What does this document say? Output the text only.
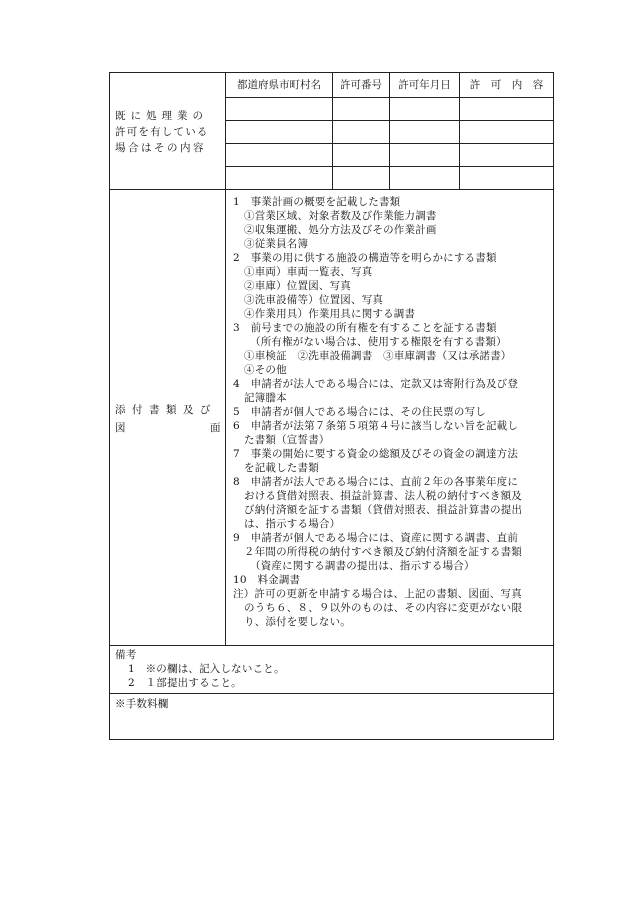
既に処理業の
許可を有している
場合はその内容
都道府県市町村名	許可番号	許可年月日	許　可　内　容
添付書類及び
図	面
1　事業計画の概要を記載した書類
①営業区域、対象者数及び作業能力調書
②収集運搬、処分方法及びその作業計画
③従業員名簿
2　事業の用に供する施設の構造等を明らかにする書類
①車両）車両一覧表、写真
②車庫）位置図、写真
③洗車設備等）位置図、写真
④作業用具）作業用具に関する調書
3　前号までの施設の所有権を有することを証する書類
（所有権がない場合は、使用する権限を有する書類）
①車検証　②洗車設備調書　③車庫調書（又は承諾書）
④その他
4　申請者が法人である場合には、定款又は寄附行為及び登
記簿謄本
5　申請者が個人である場合には、その住民票の写し
6　申請者が法第７条第５項第４号に該当しない旨を記載し
た書類（宣誓書）
7　事業の開始に要する資金の総額及びその資金の調達方法
を記載した書類
8　申請者が法人である場合には、直前２年の各事業年度に
おける貸借対照表、損益計算書、法人税の納付すべき額及
び納付済額を証する書類（貸借対照表、損益計算書の提出
は、指示する場合）
9　申請者が個人である場合には、資産に関する調書、直前
２年間の所得税の納付すべき額及び納付済額を証する書類
（資産に関する調書の提出は、指示する場合）
10　料金調書
注）許可の更新を申請する場合は、上記の書類、図面、写真
のうち６、８、９以外のものは、その内容に変更がない限
り、添付を要しない。
備考
1　※の欄は、記入しないこと。
2　１部提出すること。
※手数料欄
